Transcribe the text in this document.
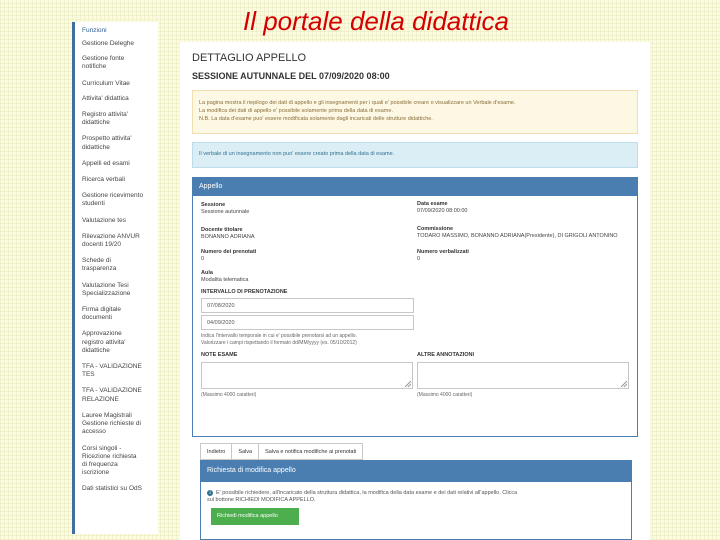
Il portale della didattica
Funzioni
Gestione Deleghe
Gestione fonte
notifiche
Curriculum Vitae
Attivita' didattica
Registro attivita'
didattiche
Prospetto attivita'
didattiche
Appelli ed esami
Ricerca verbali
Gestione ricevimento
studenti
Valutazione tes
Rilevazione ANVUR
docenti 19/20
Schede di
trasparenza
Valutazione Tesi
Specializzazione
Firma digitale
documenti
Approvazione
registro attivita'
didattiche
TFA - VALIDAZIONE
TES
TFA - VALIDAZIONE
RELAZIONE
Lauree Magistrali
Gestione richieste di
accesso
Corsi singoli -
Ricezione richiesta
di frequenza
iscrizione
Dati statistici su OdS
DETTAGLIO APPELLO
SESSIONE AUTUNNALE DEL 07/09/2020 08:00
La pagina mostra il riepilogo dei dati di appello e gli insegnamenti per i quali e' possibile creare o visualizzare un Verbale d'esame.
La modifica dei dati di appello e' possibile solamente prima della data di esame.
N.B. La data d'esame puo' essere modificata solamente dagli incaricati delle strutture didattiche.
Il verbale di un insegnamento non puo' essere creato prima della data di esame.
Appello
Sessione
Sessione autunnale
Data esame
07/09/2020 08:00:00
Docente titolare
BONANNO ADRIANA
Commissione
TODARO MASSIMO, BONANNO ADRIANA(Presidente), DI GRIGOLI ANTONINO
Numero dei prenotati
0
Numero verbalizzati
0
Aula
Modalita telematica
INTERVALLO DI PRENOTAZIONE
07/08/2020
04/09/2020
Indica l'intervallo temporale in cui e' possibile prenotarsi ad un appello.
Valorizzare i campi rispettando il formato dd/MM/yyyy (es. 05/10/2012)
NOTE ESAME	ALTRE ANNOTAZIONI
(Massimo 4000 caratteri)	(Massimo 4000 caratteri)
Indietro	Salva	Salva e notifica modifiche ai prenotati
Richiesta di modifica appello
i E' possibile richiedere, all'incaricato della struttura didattica, la modifica della data esame e dei dati relativi all'appello. Clicca
sul bottone RICHIEDI MODIFICA APPELLO.
Richiedi modifica appello
